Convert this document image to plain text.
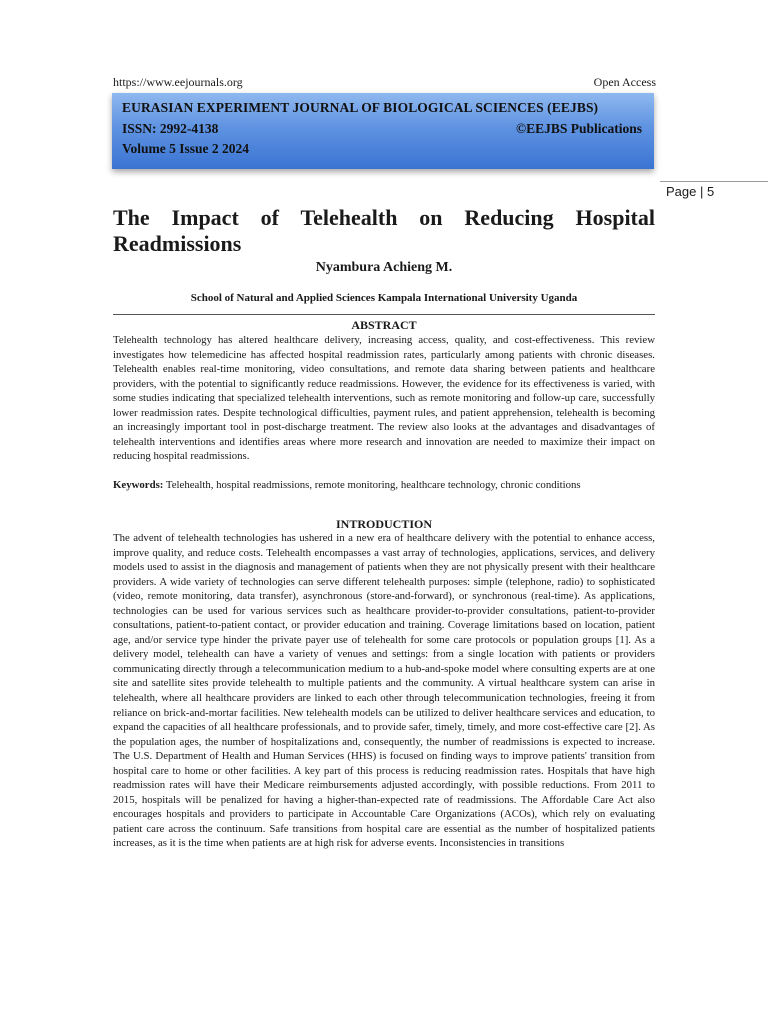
https://www.eejournals.org	Open Access
EURASIAN EXPERIMENT JOURNAL OF BIOLOGICAL SCIENCES (EEJBS)
ISSN: 2992-4138	©EEJBS Publications
Volume 5 Issue 2 2024
Page | 5
The Impact of Telehealth on Reducing Hospital Readmissions
Nyambura Achieng M.
School of Natural and Applied Sciences Kampala International University Uganda
ABSTRACT

Telehealth technology has altered healthcare delivery, increasing access, quality, and cost-effectiveness. This review investigates how telemedicine has affected hospital readmission rates, particularly among patients with chronic diseases. Telehealth enables real-time monitoring, video consultations, and remote data sharing between patients and healthcare providers, with the potential to significantly reduce readmissions. However, the evidence for its effectiveness is varied, with some studies indicating that specialized telehealth interventions, such as remote monitoring and follow-up care, successfully lower readmission rates. Despite technological difficulties, payment rules, and patient apprehension, telehealth is becoming an increasingly important tool in post-discharge treatment. The review also looks at the advantages and disadvantages of telehealth interventions and identifies areas where more research and innovation are needed to maximize their impact on reducing hospital readmissions.

Keywords: Telehealth, hospital readmissions, remote monitoring, healthcare technology, chronic conditions

INTRODUCTION

The advent of telehealth technologies has ushered in a new era of healthcare delivery with the potential to enhance access, improve quality, and reduce costs. Telehealth encompasses a vast array of technologies, applications, services, and delivery models used to assist in the diagnosis and management of patients when they are not physically present with their healthcare providers. A wide variety of technologies can serve different telehealth purposes: simple (telephone, radio) to sophisticated (video, remote monitoring, data transfer), asynchronous (store-and-forward), or synchronous (real-time). As applications, technologies can be used for various services such as healthcare provider-to-provider consultations, patient-to-provider consultations, patient-to-patient contact, or provider education and training. Coverage limitations based on location, patient age, and/or service type hinder the private payer use of telehealth for some care protocols or population groups [1]. As a delivery model, telehealth can have a variety of venues and settings: from a single location with patients or providers communicating directly through a telecommunication medium to a hub-and-spoke model where consulting experts are at one site and satellite sites provide telehealth to multiple patients and the community. A virtual healthcare system can arise in telehealth, where all healthcare providers are linked to each other through telecommunication technologies, freeing it from reliance on brick-and-mortar facilities. New telehealth models can be utilized to deliver healthcare services and education, to expand the capacities of all healthcare professionals, and to provide safer, timely, timely, and more cost-effective care [2]. As the population ages, the number of hospitalizations and, consequently, the number of readmissions is expected to increase. The U.S. Department of Health and Human Services (HHS) is focused on finding ways to improve patients' transition from hospital care to home or other facilities. A key part of this process is reducing readmission rates. Hospitals that have high readmission rates will have their Medicare reimbursements adjusted accordingly, with possible reductions. From 2011 to 2015, hospitals will be penalized for having a higher-than-expected rate of readmissions. The Affordable Care Act also encourages hospitals and providers to participate in Accountable Care Organizations (ACOs), which rely on evaluating patient care across the continuum. Safe transitions from hospital care are essential as the number of hospitalized patients increases, as it is the time when patients are at high risk for adverse events. Inconsistencies in transitions
